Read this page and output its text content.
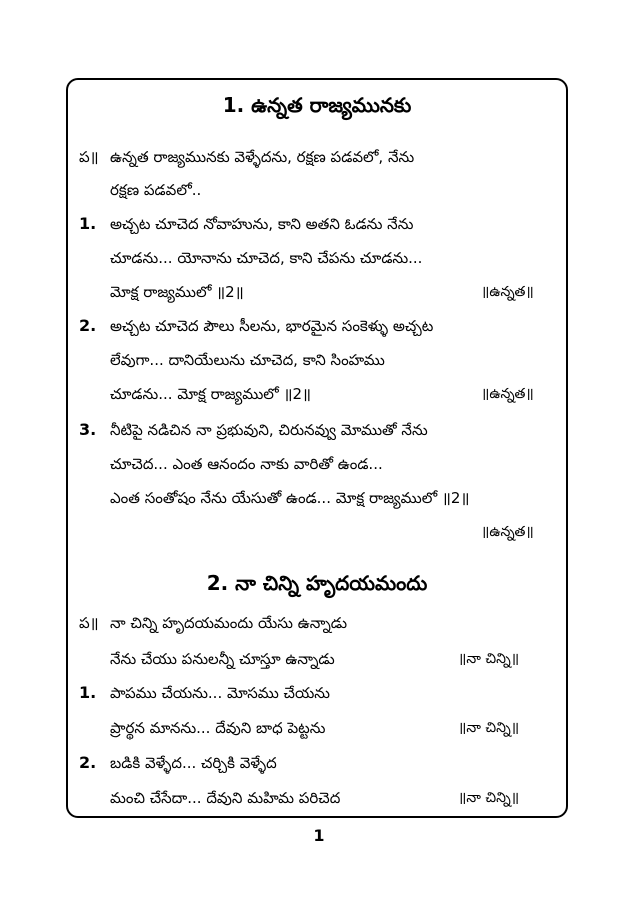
1. ఉన్నత రాజ్యమునకు
ప॥ ఉన్నత రాజ్యమునకు వెళ్ళేదను, రక్షణ పడవలో, నేను
రక్షణ పడవలో..
1. అచ్చట చూచెద నోవాహును, కాని అతని ఓడను నేను
చూడను... యోనాను చూచెద, కాని చేపను చూడను...
మోక్ష రాజ్యములో ॥2॥	॥ఉన్నత॥
2. అచ్చట చూచెద పౌలు సీలను, భారమైన సంకెళ్ళు అచ్చట
లేవుగా... దానియేలును చూచెద, కాని సింహము
చూడను... మోక్ష రాజ్యములో ॥2॥	॥ఉన్నత॥
3. నీటిపై నడిచిన నా ప్రభువుని, చిరునవ్వు మోముతో నేను
చూచెద... ఎంత ఆనందం నాకు వారితో ఉండ...
ఎంత సంతోషం నేను యేసుతో ఉండ... మోక్ష రాజ్యములో ॥2॥
॥ఉన్నత॥
2. నా చిన్ని హృదయమందు
ప॥ నా చిన్ని హృదయమందు యేసు ఉన్నాడు
నేను చేయు పనులన్నీ చూస్తూ ఉన్నాడు	॥నా చిన్ని॥
1. పాపము చేయను... మోసము చేయను
ప్రార్థన మానను... దేవుని బాధ పెట్టను	॥నా చిన్ని॥
2. బడికి వెళ్ళేద... చర్చికి వెళ్ళేద
మంచి చేసేదా... దేవుని మహిమ పరిచెద	॥నా చిన్ని॥
1
